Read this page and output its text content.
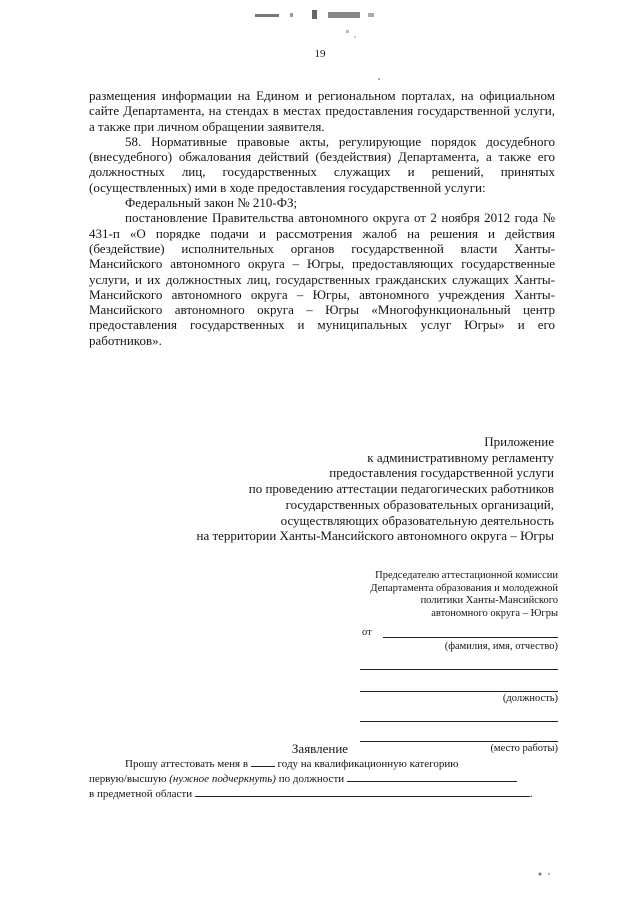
19

размещения информации на Едином и региональном порталах, на официальном сайте Департамента, на стендах в местах предоставления государственной услуги, а также при личном обращении заявителя.

58. Нормативные правовые акты, регулирующие порядок досудебного (внесудебного) обжалования действий (бездействия) Департамента, а также его должностных лиц, государственных служащих и решений, принятых (осуществленных) ими в ходе предоставления государственной услуги:

Федеральный закон № 210-ФЗ;

постановление Правительства автономного округа от 2 ноября 2012 года № 431-п «О порядке подачи и рассмотрения жалоб на решения и действия (бездействие) исполнительных органов государственной власти Ханты-Мансийского автономного округа – Югры, предоставляющих государственные услуги, и их должностных лиц, государственных гражданских служащих Ханты-Мансийского автономного округа – Югры, автономного учреждения Ханты-Мансийского автономного округа – Югры «Многофункциональный центр предоставления государственных и муниципальных услуг Югры» и его работников».

Приложение
к административному регламенту
предоставления государственной услуги
по проведению аттестации педагогических работников
государственных образовательных организаций,
осуществляющих образовательную деятельность
на территории Ханты-Мансийского автономного округа – Югры
Председателю аттестационной комиссии
Департамента образования и молодежной
политики Ханты-Мансийского
автономного округа – Югры
от
(фамилия, имя, отчество)
(должность)
(место работы)
Заявление
Прошу аттестовать меня в	году на квалификационную категорию
первую/высшую (нужное подчеркнуть) по должности
в предметной области	.
